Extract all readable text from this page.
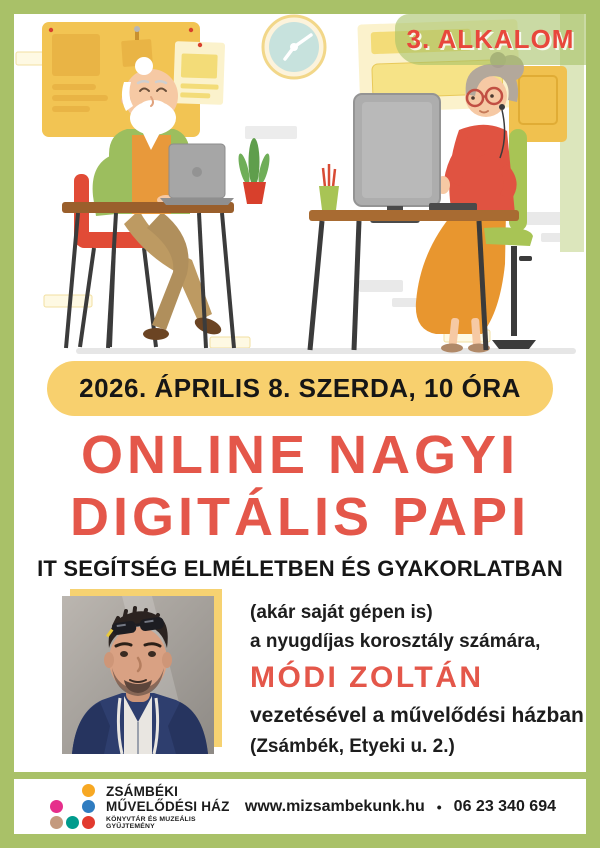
3. ALKALOM
2026. ÁPRILIS 8. SZERDA, 10 ÓRA
ONLINE NAGYI
DIGITÁLIS PAPI
IT SEGÍTSÉG ELMÉLETBEN ÉS GYAKORLATBAN
(akár saját gépen is)
a nyugdíjas korosztály számára,
MÓDI ZOLTÁN
vezetésével a művelődési házban
(Zsámbék, Etyeki u. 2.)
ZSÁMBÉKI
MŰVELŐDÉSI HÁZ
KÖNYVTÁR ÉS MUZEÁLIS GYŰJTEMÉNY
www.mizsambekunk.hu • 06 23 340 694
